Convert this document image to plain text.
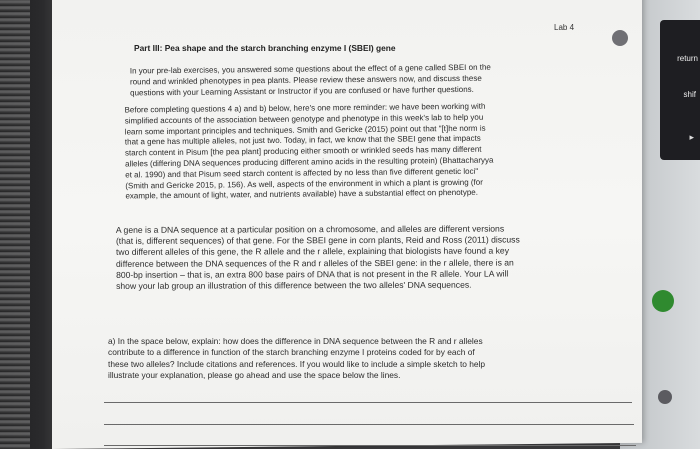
return
shif
▸
Lab 4
Part III: Pea shape and the starch branching enzyme I (SBEI) gene
In your pre-lab exercises, you answered some questions about the effect of a gene called SBEI on the
round and wrinkled phenotypes in pea plants. Please review these answers now, and discuss these
questions with your Learning Assistant or Instructor if you are confused or have further questions.
Before completing questions 4 a) and b) below, here's one more reminder: we have been working with
simplified accounts of the association between genotype and phenotype in this week's lab to help you
learn some important principles and techniques. Smith and Gericke (2015) point out that "[t]he norm is
that a gene has multiple alleles, not just two. Today, in fact, we know that the SBEI gene that impacts
starch content in Pisum [the pea plant] producing either smooth or wrinkled seeds has many different
alleles (differing DNA sequences producing different amino acids in the resulting protein) (Bhattacharyya
et al. 1990) and that Pisum seed starch content is affected by no less than five different genetic loci"
(Smith and Gericke 2015, p. 156). As well, aspects of the environment in which a plant is growing (for
example, the amount of light, water, and nutrients available) have a substantial effect on phenotype.
A gene is a DNA sequence at a particular position on a chromosome, and alleles are different versions
(that is, different sequences) of that gene. For the SBEI gene in corn plants, Reid and Ross (2011) discuss
two different alleles of this gene, the R allele and the r allele, explaining that biologists have found a key
difference between the DNA sequences of the R and r alleles of the SBEI gene: in the r allele, there is an
800-bp insertion – that is, an extra 800 base pairs of DNA that is not present in the R allele. Your LA will
show your lab group an illustration of this difference between the two alleles' DNA sequences.
a) In the space below, explain: how does the difference in DNA sequence between the R and r alleles
contribute to a difference in function of the starch branching enzyme I proteins coded for by each of
these two alleles? Include citations and references. If you would like to include a simple sketch to help
illustrate your explanation, please go ahead and use the space below the lines.
